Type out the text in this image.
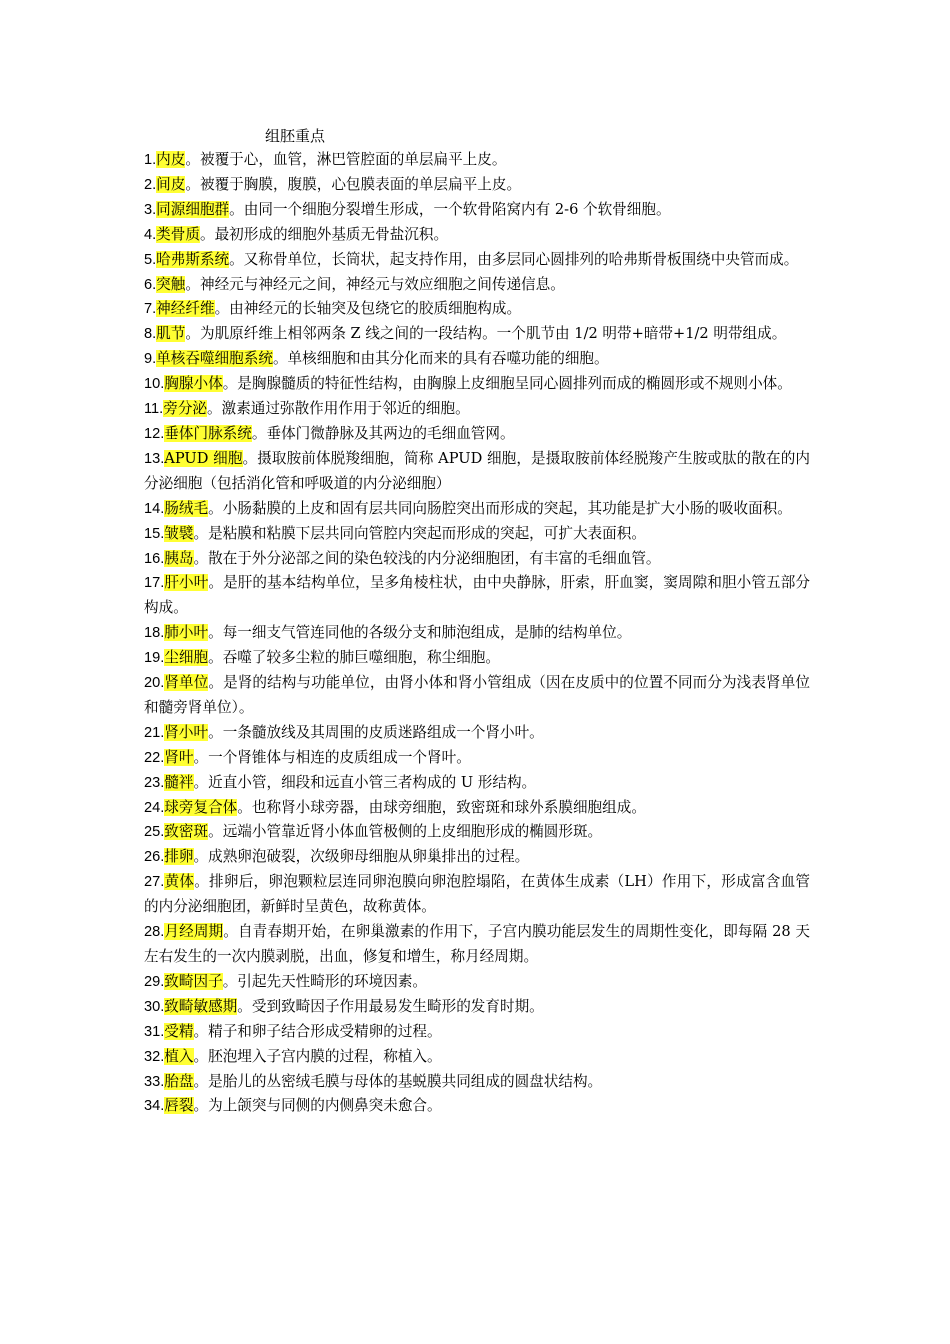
组胚重点

1.内皮。被覆于心，血管，淋巴管腔面的单层扁平上皮。

2.间皮。被覆于胸膜，腹膜，心包膜表面的单层扁平上皮。

3.同源细胞群。由同一个细胞分裂增生形成，一个软骨陷窝内有 2-6 个软骨细胞。

4.类骨质。最初形成的细胞外基质无骨盐沉积。

5.哈弗斯系统。又称骨单位，长筒状，起支持作用，由多层同心圆排列的哈弗斯骨板围绕中央管而成。

6.突触。神经元与神经元之间，神经元与效应细胞之间传递信息。

7.神经纤维。由神经元的长轴突及包绕它的胶质细胞构成。

8.肌节。为肌原纤维上相邻两条 Z 线之间的一段结构。一个肌节由 1/2 明带+暗带+1/2 明带组成。

9.单核吞噬细胞系统。单核细胞和由其分化而来的具有吞噬功能的细胞。

10.胸腺小体。是胸腺髓质的特征性结构，由胸腺上皮细胞呈同心圆排列而成的椭圆形或不规则小体。

11.旁分泌。激素通过弥散作用作用于邻近的细胞。

12.垂体门脉系统。垂体门微静脉及其两边的毛细血管网。

13.APUD 细胞。摄取胺前体脱羧细胞，简称 APUD 细胞，是摄取胺前体经脱羧产生胺或肽的散在的内分泌细胞（包括消化管和呼吸道的内分泌细胞）

14.肠绒毛。小肠黏膜的上皮和固有层共同向肠腔突出而形成的突起，其功能是扩大小肠的吸收面积。

15.皱襞。是粘膜和粘膜下层共同向管腔内突起而形成的突起，可扩大表面积。

16.胰岛。散在于外分泌部之间的染色较浅的内分泌细胞团，有丰富的毛细血管。

17.肝小叶。是肝的基本结构单位，呈多角棱柱状，由中央静脉，肝索，肝血窦，窦周隙和胆小管五部分构成。

18.肺小叶。每一细支气管连同他的各级分支和肺泡组成，是肺的结构单位。

19.尘细胞。吞噬了较多尘粒的肺巨噬细胞，称尘细胞。

20.肾单位。是肾的结构与功能单位，由肾小体和肾小管组成（因在皮质中的位置不同而分为浅表肾单位和髓旁肾单位）。

21.肾小叶。一条髓放线及其周围的皮质迷路组成一个肾小叶。

22.肾叶。一个肾锥体与相连的皮质组成一个肾叶。

23.髓袢。近直小管，细段和远直小管三者构成的 U 形结构。

24.球旁复合体。也称肾小球旁器，由球旁细胞，致密斑和球外系膜细胞组成。

25.致密斑。远端小管靠近肾小体血管极侧的上皮细胞形成的椭圆形斑。

26.排卵。成熟卵泡破裂，次级卵母细胞从卵巢排出的过程。

27.黄体。排卵后，卵泡颗粒层连同卵泡膜向卵泡腔塌陷，在黄体生成素（LH）作用下，形成富含血管的内分泌细胞团，新鲜时呈黄色，故称黄体。

28.月经周期。自青春期开始，在卵巢激素的作用下，子宫内膜功能层发生的周期性变化，即每隔 28 天左右发生的一次内膜剥脱，出血，修复和增生，称月经周期。

29.致畸因子。引起先天性畸形的环境因素。

30.致畸敏感期。受到致畸因子作用最易发生畸形的发育时期。

31.受精。精子和卵子结合形成受精卵的过程。

32.植入。胚泡埋入子宫内膜的过程，称植入。

33.胎盘。是胎儿的丛密绒毛膜与母体的基蜕膜共同组成的圆盘状结构。

34.唇裂。为上颌突与同侧的内侧鼻突未愈合。
